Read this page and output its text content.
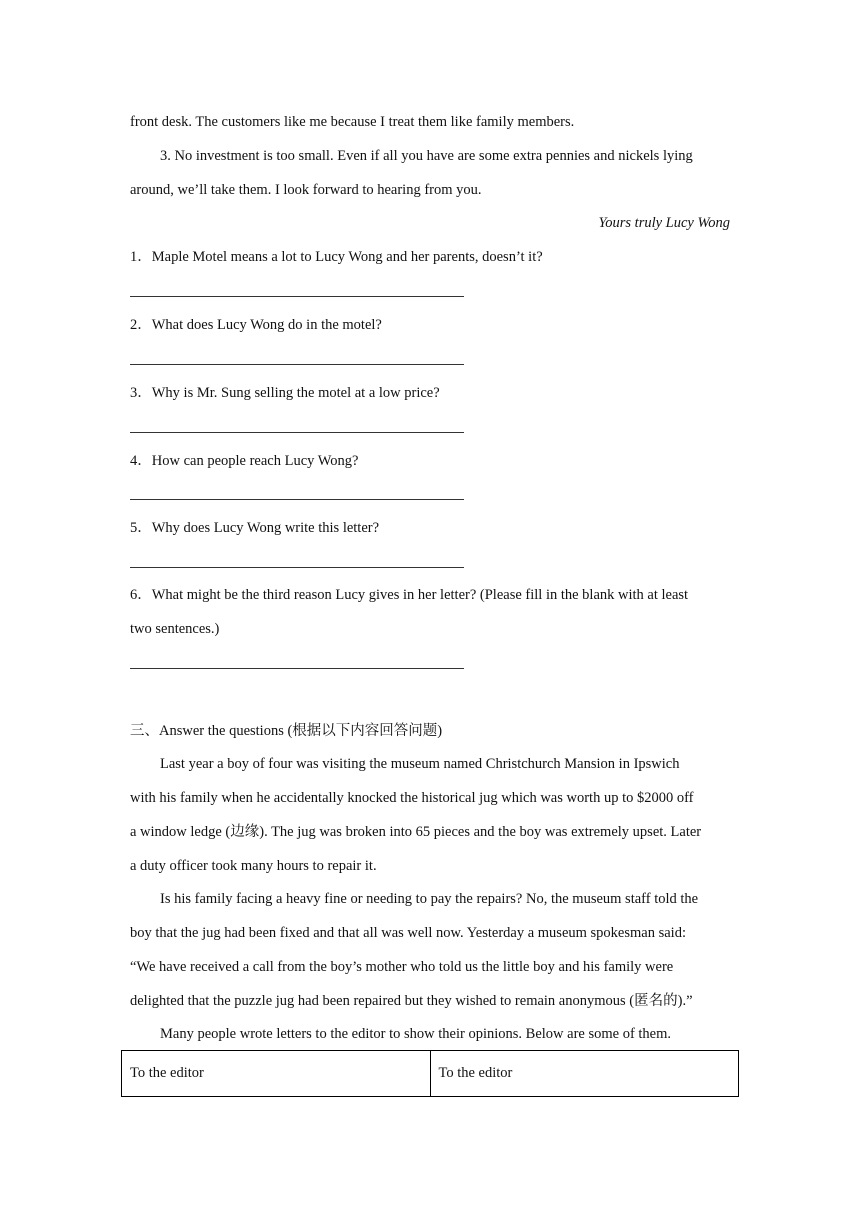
front desk. The customers like me because I treat them like family members.
3. No investment is too small. Even if all you have are some extra pennies and nickels lying
around, we’ll take them. I look forward to hearing from you.
Yours truly Lucy Wong
1．Maple Motel means a lot to Lucy Wong and her parents, doesn’t it?
2．What does Lucy Wong do in the motel?
3．Why is Mr. Sung selling the motel at a low price?
4．How can people reach Lucy Wong?
5．Why does Lucy Wong write this letter?
6．What might be the third reason Lucy gives in her letter? (Please fill in the blank with at least
two sentences.)
三、Answer the questions (根据以下内容回答问题)
Last year a boy of four was visiting the museum named Christchurch Mansion in Ipswich
with his family when he accidentally knocked the historical jug which was worth up to $2000 off
a window ledge (边缘). The jug was broken into 65 pieces and the boy was extremely upset. Later
a duty officer took many hours to repair it.
Is his family facing a heavy fine or needing to pay the repairs? No, the museum staff told the
boy that the jug had been fixed and that all was well now. Yesterday a museum spokesman said:
“We have received a call from the boy’s mother who told us the little boy and his family were
delighted that the puzzle jug had been repaired but they wished to remain anonymous (匿名的).”
Many people wrote letters to the editor to show their opinions. Below are some of them.
To the editor	To the editor
